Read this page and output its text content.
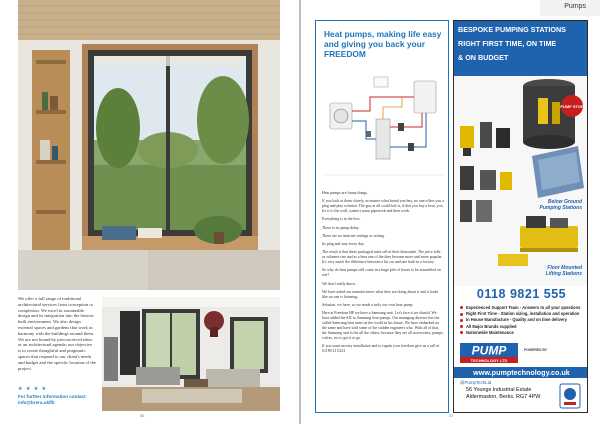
We offer a full range of traditional architectural services from conception to completion. We excel in sustainable design and its integration into the historic built environment. We also design external spaces and gardens that work in harmony with the buildings around them. We are not bound by preconceived ideas or an architectural agenda; our objective is to create thoughtful and pragmatic spaces that respond to our client's needs and budget and the specific location of the project.
★ ★ ★ ★
For further information contact
info@brera.uk/fb
36
Pumps
Heat pumps, making life easy and giving you back your FREEDOM

Heat pumps are funny things.

If you look at them closely, no matter what brand you buy, no one offers you a plug and play solution. The guy at all could bolt it, if that you buy a heat, you fix it to the wall, connect some pipework and then work.

Everything is in the box.

There is no pump delay.

There are no intricate settings or setting.

Its plug and stay every day.

The result is that these packaged units sell at their thousands. The price falls as volumes rise and as a heat one of the they become more and more popular. It's very much the difference between a kit car and one built in a factory.

So why do heat pumps still come in a huge pile of boxes to be assembled on site?

We don't really know.

We have asked our manufacturers what they are doing about it and it looks like no one is listening.

Solution, we have, so we made a truly our own heat pump.

Here at Freedom HP we have a Samsung unit. Let's face it we should. We have added the SIL to Samsung heat pumps. Our managing director has the called Samsung heat units on the world in his house. We have embarked on the same and have sold some of the sudden engineers who. With all of that, the Samsung unit is the all the others, because they are all accessories, pumps, valves, etc to get it to go.

If you want an easy installation and to regain your freedom give us a call at 01189 21 0223

BESPOKE PUMPING STATIONS
RIGHT FIRST TIME, ON TIME
& ON BUDGET
PUMP STOP
Below Ground
Pumping Stations
Floor Mounted
Lifting Stations
0118 9821 555
Experienced Support Team - Answers to all your questions
Right First Time - Station sizing, installation and operation
In House Manufacture - Quality and on time delivery
All Major Brands supplied
Nationwide Maintenance
PUMP
TECHNOLOGY LTD
POWERED BY
www.pumptechnology.co.uk
@PumpTechLtd
56 Youngs Industrial Estate
Aldermaston, Berks. RG7 4PW
37
